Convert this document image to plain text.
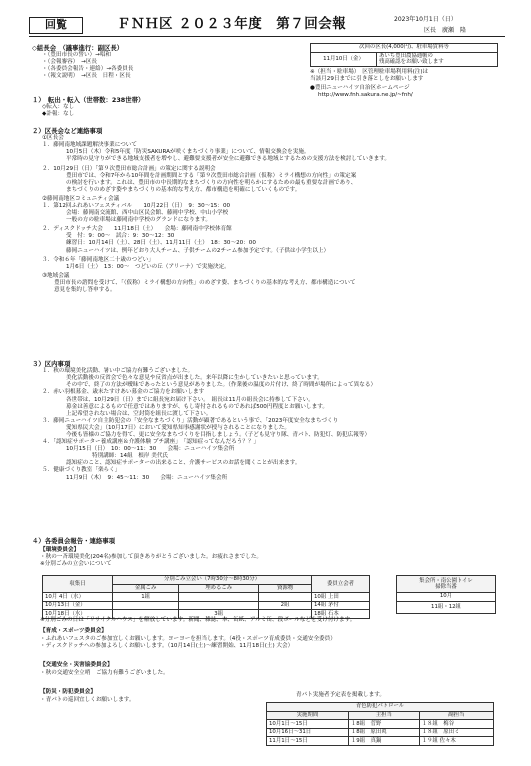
回覧	ＦＮＨ区 ２０２３年度　第７回会報	2023年10月1日（日）
区長　廣瀬　隆
◇組長会　（議事進行：副区長）
・（豊田市長の誓い）→唱和
・（会報審容）　→区長
・（各委員会報告・連絡）→各委員長
・（報文説明）　→区長　日程・区長
次回の区長(4,000円)、駐車場賃料等
11月10日（金）	あいち豊田農協通帳の
残高確認をお願い致します
※（担当・駐車場）　区管理駐車場利用料(注)は
当該月29日までに引き落としをお願いします
●豊田ニューハイツ自治区ホームページ
http://www.fnh.sakura.ne.jp/~fnh/
１）　転出・転入（世帯数：238世帯）
◇転入：なし
◆訃報：なし
２）区長会など連絡事項
①区長会
１．藤岡南地域課題解決事業について
10月5日（木）令和5年度「防災SAKURAが咲くまちづくり事業」について、情報交換会を実施。
平常時の見守りができる地域支援者を増やし、避難要支援者が安全に避難できる地域とするための支援方法を検討していきます。
２．10月29日（日）「第９次豊田市総合計画」の策定に関する説明会
豊田市では、令和7年から10年間を計画期間とする「第９次豊田市総合計画（仮称）ミライ構想の方向性」の策定案
の検討を行います。これは、豊田市の中長期的なまちづくりの方向性を明らかにするための最も重要な計画であり、
まちづくりのめざす姿やまちづくりの基本的な考え方、都市構造を明確にしていくものです。
②藤岡南地区コミュニティ会議
１．第12回ふれあいフェスティバル　　10月22日（日）　9：30～15：00
会場：藤岡南交流館、西中山区民会館、藤岡中学校、中山小学校
一般の方の駐車場は藤岡南中学校のグランドになります。
２．ディスクドッチ大会　　11月18日（土）　　会場：藤岡南中学校体育館
受　付：9：00～　試合：9：30～12：30
練習日：10月14日（土）、28日（土）、11月11日（土）　18：30～20：00
藤岡ニューハイツは、例年どおり大人チーム、子供チームの2チーム参加予定です。（子供は小学生以上）
３．令和６年「藤岡南地区二十歳のつどい」
1月6日（土）　13：00～　つどいの丘（アリーナ）で実施決定。
③地域会議
豊田市長の諮問を受けて、「（仮称）ミライ構想の方向性」のめざす姿、まちづくりの基本的な考え方、都市構造について
意見を集約し答申する。
３）区内事項
１．秋の環境美化活動、暑い中ご協力有難うございました。
美化活動後の反省会で色々な意見や反省点が出ました。来年以降に生かしていきたいと思っています。
その中で、終了の方法が曖昧であったという意見がありました。（作業後の温度の片付け、終了時間が場所によって異なる）
２．赤い羽根募金、歳末たすけあい募金のご協力をお願いします
各世帯は、10月29日（日）までに組長宛お届け下さい。　組長は11月の組長会に持参して下さい。
募金は善意によるもので任意ではありますが、もし寄付されるものであれば500円程度とお願いします。
上記希望されない場合は、空封筒を組長に渡して下さい。
３．藤岡ニューハイツ自主防犯会の「安全なまちづくり」活動が顕著であるという事で、「2023年度安全なまちづくり
愛知県民大会」（10月17日）において愛知県知事感謝状が授与されることになりました。
今後も皆様のご協力を得て、更に安全なまちづくりを目指しましょう。（子ども見守り隊、青パト、防犯灯、防犯広報等）
４．「認知症サポーター養成講座＆介護体験 プチ講座」　「認知症ってなんだろう？？」
10月15日（日）　10：00～11：30　　会場：ニューハイツ集会所
特別講師：14組　根岸 美代氏
認知症のこと、認知症サポーターの出来ること、介護サービスのお話を聞くことが出来ます。
５．健康づくり教室「楽らく」
11月9日（木）　9：45～11：30　　会場：ニューハイツ集会所
４）各委員会報告・連絡事項
【環境委員会】
・秋の一斉環境美化(204名)参加して頂きありがとうございました。お疲れさまでした。
※分別ごみの立会いについて
収集日	分別ごみ立会い（7時30分～8時30分）			委員立会者
	金属ごみ	埋めるごみ	資源物	
10月 4日（水）	1組			10組 上田
10月13日（金）			2組	14組 茅付
10月18日（水）		3組		18組 石本
集会所・南公園トイレ
掃除当番
10月
11組・12組
※分別ごみの日は「リサイクルハウス」を解放しています。新聞、雑誌、本、缶紙、アルミ缶、段ボールなどを受け付けます。
【育成・スポーツ委員会】
・ふれあいフェスタのご参加宜しくお願いします。ヨーヨーを担当します。（4役・スポーツ育成委員・交通安全委員）
・ディスクドッチへの参加よろしくお願いします。（10月14日(土)～練習開始、11月18日(土) 大会）
【交通安全・災害協委員会】
・秋の交通安全立哨　ご協力有難うございました。
【防災・防犯委員会】
・青パトの巡回宜しくお願いします。
青パト実施者予定表を掲載します。
青色防犯パトロール		
実施期間	主担当	副担当
10月1日～15日	１8組　菅野	１８組　梅谷
10月16日～31日	１8組　原田眞	１８組　原田ミ
11月1日～15日	１9組　真鍋	１９組 佐々木
